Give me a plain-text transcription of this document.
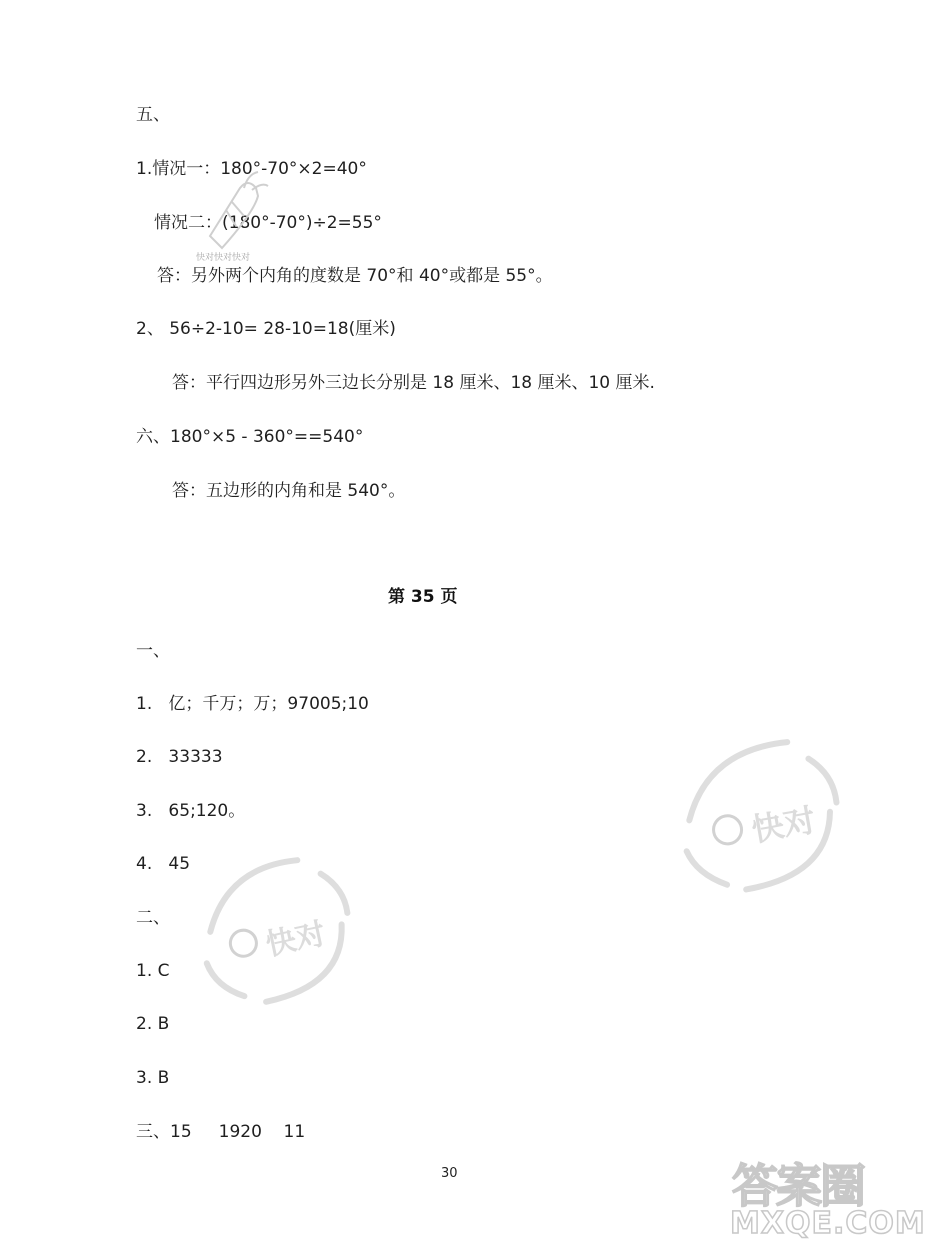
五、
1.情况一：180°-70°×2=40°
情况二：(180°-70°)÷2=55°
答：另外两个内角的度数是 70°和 40°或都是 55°。
2、 56÷2-10= 28-10=18(厘米)
答：平行四边形另外三边长分别是 18 厘米、18 厘米、10 厘米.
六、180°×5 - 360°==540°
答：五边形的内角和是 540°。
第 35 页
一、
1.   亿；千万；万；97005;10
2.   33333
3.   65;120。
4.   45
二、
1. C
2. B
3. B
三、15     1920    11
30
快对快对快对
快对
快对
答案圈
MXQE.COM
